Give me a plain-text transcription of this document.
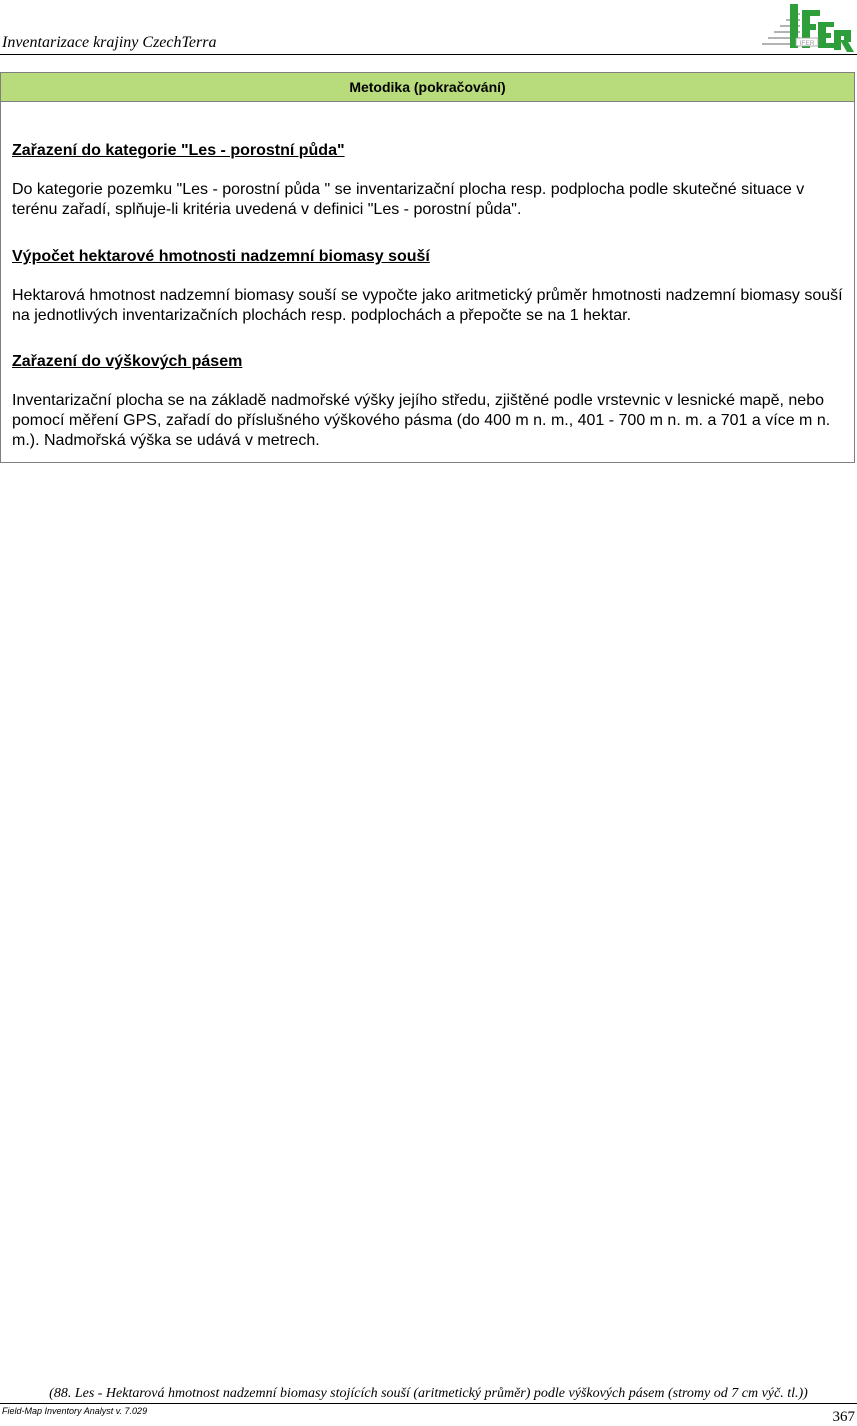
Inventarizace krajiny CzechTerra	IFER
Metodika (pokračování)
Zařazení do kategorie "Les - porostní půda"
Do kategorie pozemku "Les - porostní půda " se inventarizační plocha resp. podplocha podle skutečné situace v terénu zařadí, splňuje-li kritéria uvedená v definici "Les - porostní půda".
Výpočet hektarové hmotnosti nadzemní biomasy souší
Hektarová hmotnost nadzemní biomasy souší se vypočte jako aritmetický průměr hmotnosti nadzemní biomasy souší na jednotlivých inventarizačních plochách resp. podplochách a přepočte se na 1 hektar.
Zařazení do výškových pásem
Inventarizační plocha se na základě nadmořské výšky jejího středu, zjištěné podle vrstevnic v lesnické mapě, nebo pomocí měření GPS, zařadí do příslušného výškového pásma (do 400 m n. m., 401 - 700 m n. m. a 701 a více m n. m.). Nadmořská výška se udává v metrech.
(88. Les - Hektarová hmotnost nadzemní biomasy stojících souší (aritmetický průměr) podle výškových pásem (stromy od 7 cm výč. tl.))
Field-Map Inventory Analyst v. 7.029	367
